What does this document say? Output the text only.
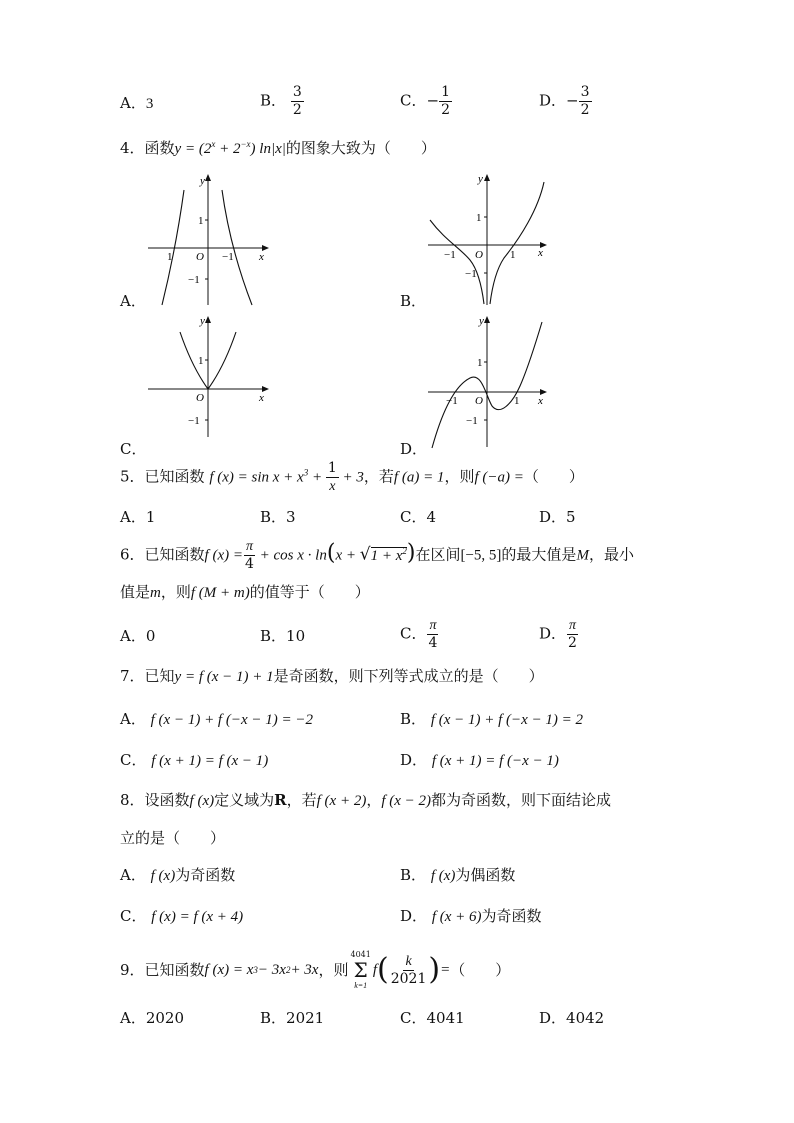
A．3	B． $\frac{3}{2}$	C．− $\frac{1}{2}$	D．− $\frac{3}{2}$
4．函数$y = (2^x + 2^{-x})$ ln|x|的图象大致为（　　）
A．	B．
C．	D．
y
x
1
−1
1 O −1
y
x
1
−1
−1 O 1
y
x
1
−1
O
y
x
1
−1
−1 O	1
5．已知函数 f $(x) = \sin x + x^3 + \frac{1}{x} + 3$，若f (a) = 1，则f (−a) =（　　）
A．1	B．3	C．4	D．5
6．已知函数f $(x) = \frac{\pi}{4} + \cos x \cdot \ln(x + √1 + x^2)$在区间[−5, 5]的最大值是M，最小
值是m，则f (M + m)的值等于（　　）
A．0	B．10	C． $\frac{\pi}{4}$	D． $\frac{\pi}{2}$
7．已知y = f (x − 1) + 1是奇函数，则下列等式成立的是（　　）
A． f (x − 1) + f (−x − 1) = −2	B． f (x − 1) + f (−x − 1) = 2
C． f (x + 1) = f (x − 1)	D． f (x + 1) = f (−x − 1)
8．设函数f (x)定义域为R，若f (x + 2)，f (x − 2)都为奇函数，则下面结论成
立的是（　　）
A． f (x)为奇函数	B． f (x)为偶函数
C． f (x) = f (x + 4)	D． f (x + 6)为奇函数
9．已知函数 f (x) = x 3 − 3x 2 + 3x ，则
4041
Σ
k=1
f ( $\frac{k}{2021}$ ) = （　　）
A．2020	B．2021	C．4041	D．4042
